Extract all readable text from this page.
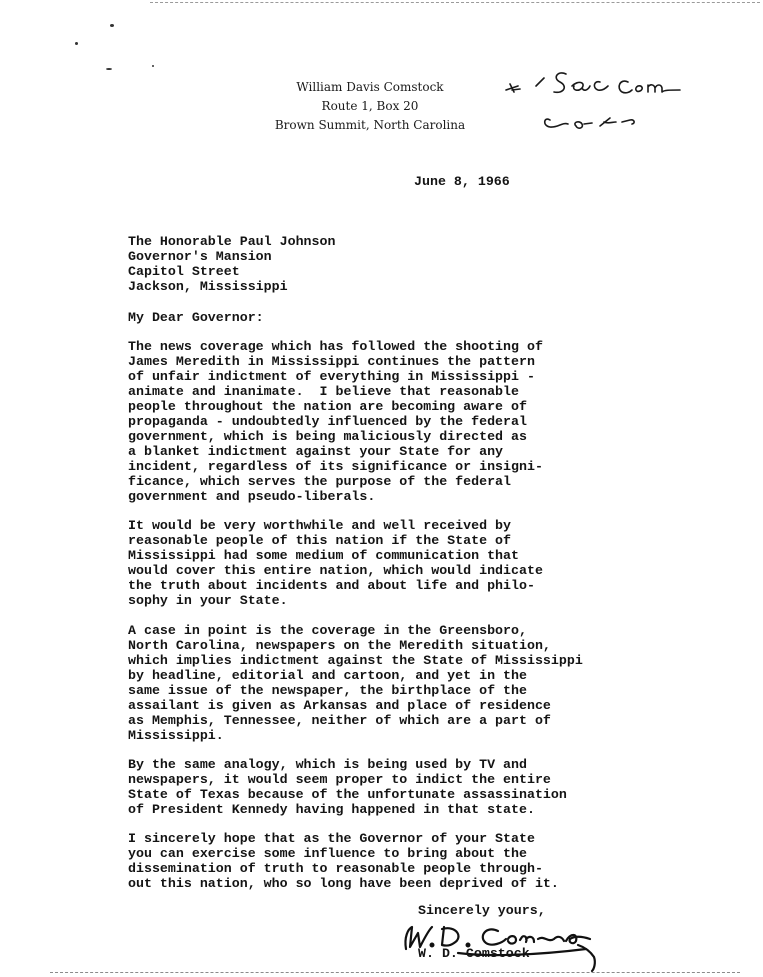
William Davis Comstock
Route 1, Box 20
Brown Summit, North Carolina
June 8, 1966
The Honorable Paul Johnson
Governor's Mansion
Capitol Street
Jackson, Mississippi
My Dear Governor:
The news coverage which has followed the shooting of
James Meredith in Mississippi continues the pattern
of unfair indictment of everything in Mississippi -
animate and inanimate.  I believe that reasonable
people throughout the nation are becoming aware of
propaganda - undoubtedly influenced by the federal
government, which is being maliciously directed as
a blanket indictment against your State for any
incident, regardless of its significance or insigni-
ficance, which serves the purpose of the federal
government and pseudo-liberals.
It would be very worthwhile and well received by
reasonable people of this nation if the State of
Mississippi had some medium of communication that
would cover this entire nation, which would indicate
the truth about incidents and about life and philo-
sophy in your State.
A case in point is the coverage in the Greensboro,
North Carolina, newspapers on the Meredith situation,
which implies indictment against the State of Mississippi
by headline, editorial and cartoon, and yet in the
same issue of the newspaper, the birthplace of the
assailant is given as Arkansas and place of residence
as Memphis, Tennessee, neither of which are a part of
Mississippi.
By the same analogy, which is being used by TV and
newspapers, it would seem proper to indict the entire
State of Texas because of the unfortunate assassination
of President Kennedy having happened in that state.
I sincerely hope that as the Governor of your State
you can exercise some influence to bring about the
dissemination of truth to reasonable people through-
out this nation, who so long have been deprived of it.
Sincerely yours,
W. D. Comstock
